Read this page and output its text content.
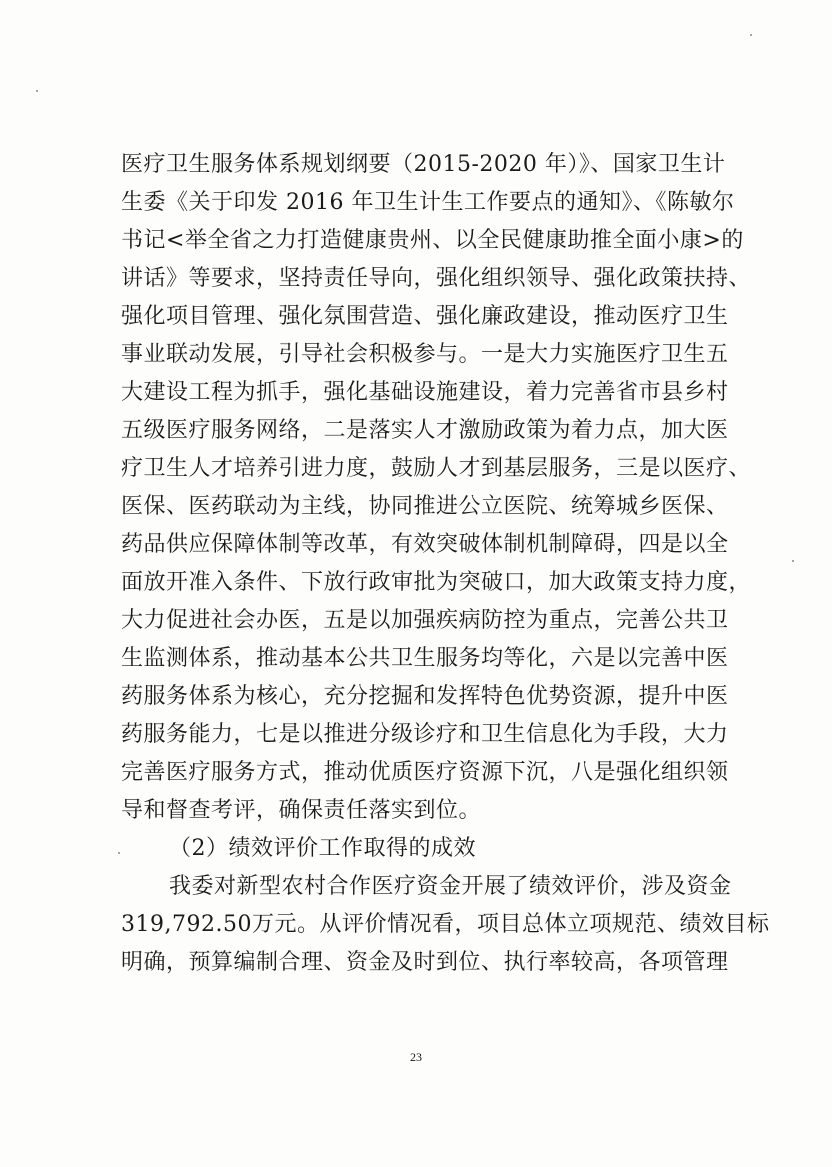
医疗卫生服务体系规划纲要（2015-2020 年）》、国家卫生计
生委《关于印发 2016 年卫生计生工作要点的通知》、《陈敏尔
书记<举全省之力打造健康贵州、以全民健康助推全面小康>的
讲话》等要求，坚持责任导向，强化组织领导、强化政策扶持、
强化项目管理、强化氛围营造、强化廉政建设，推动医疗卫生
事业联动发展，引导社会积极参与。一是大力实施医疗卫生五
大建设工程为抓手，强化基础设施建设，着力完善省市县乡村
五级医疗服务网络，二是落实人才激励政策为着力点，加大医
疗卫生人才培养引进力度，鼓励人才到基层服务，三是以医疗、
医保、医药联动为主线，协同推进公立医院、统筹城乡医保、
药品供应保障体制等改革，有效突破体制机制障碍，四是以全
面放开准入条件、下放行政审批为突破口，加大政策支持力度，
大力促进社会办医，五是以加强疾病防控为重点，完善公共卫
生监测体系，推动基本公共卫生服务均等化，六是以完善中医
药服务体系为核心，充分挖掘和发挥特色优势资源，提升中医
药服务能力，七是以推进分级诊疗和卫生信息化为手段，大力
完善医疗服务方式，推动优质医疗资源下沉，八是强化组织领
导和督查考评，确保责任落实到位。
（2）绩效评价工作取得的成效
我委对新型农村合作医疗资金开展了绩效评价，涉及资金
319,792.50万元。从评价情况看，项目总体立项规范、绩效目标
明确，预算编制合理、资金及时到位、执行率较高，各项管理
23
